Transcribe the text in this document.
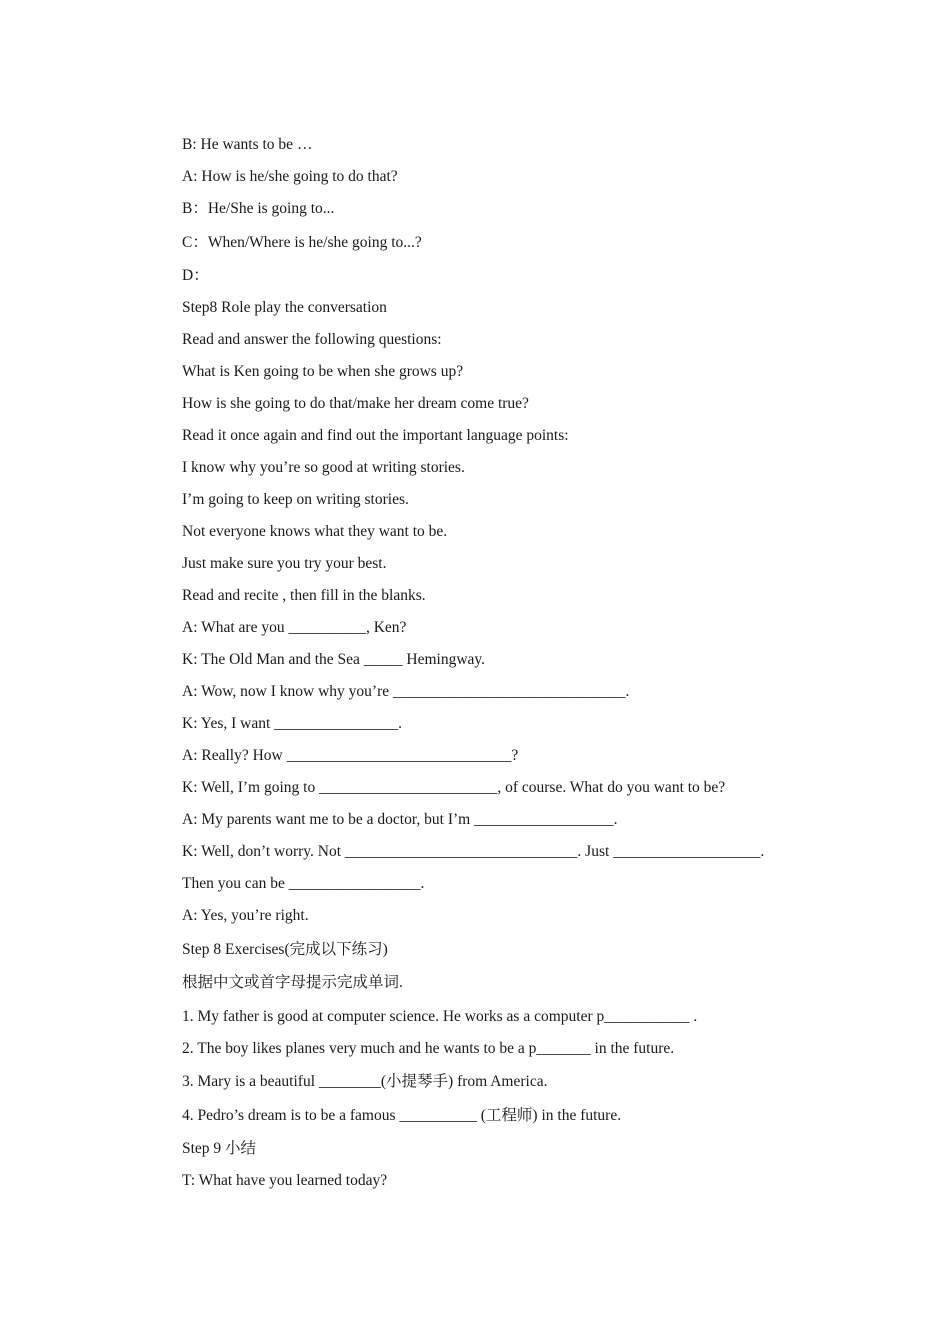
B: He wants to be …
A: How is he/she going to do that?
B：He/She is going to...
C：When/Where is he/she going to...?
D：
Step8 Role play the conversation
Read and answer the following questions:
What is Ken going to be when she grows up?
How is she going to do that/make her dream come true?
Read it once again and find out the important language points:
I know why you’re so good at writing stories.
I’m going to keep on writing stories.
Not everyone knows what they want to be.
Just make sure you try your best.
Read and recite , then fill in the blanks.
A: What are you __________, Ken?
K: The Old Man and the Sea _____ Hemingway.
A: Wow, now I know why you’re ______________________________.
K: Yes, I want ________________.
A: Really? How _____________________________?
K: Well, I’m going to _______________________, of course. What do you want to be?
A: My parents want me to be a doctor, but I’m __________________.
K: Well, don’t worry. Not ______________________________. Just ___________________.
Then you can be _________________.
A: Yes, you’re right.
Step 8 Exercises(完成以下练习)
根据中文或首字母提示完成单词.
1. My father is good at computer science. He works as a computer p___________ .
2. The boy likes planes very much and he wants to be a p_______ in the future.
3. Mary is a beautiful ________(小提琴手) from America.
4. Pedro’s dream is to be a famous __________ (工程师) in the future.
Step 9 小结
T: What have you learned today?
